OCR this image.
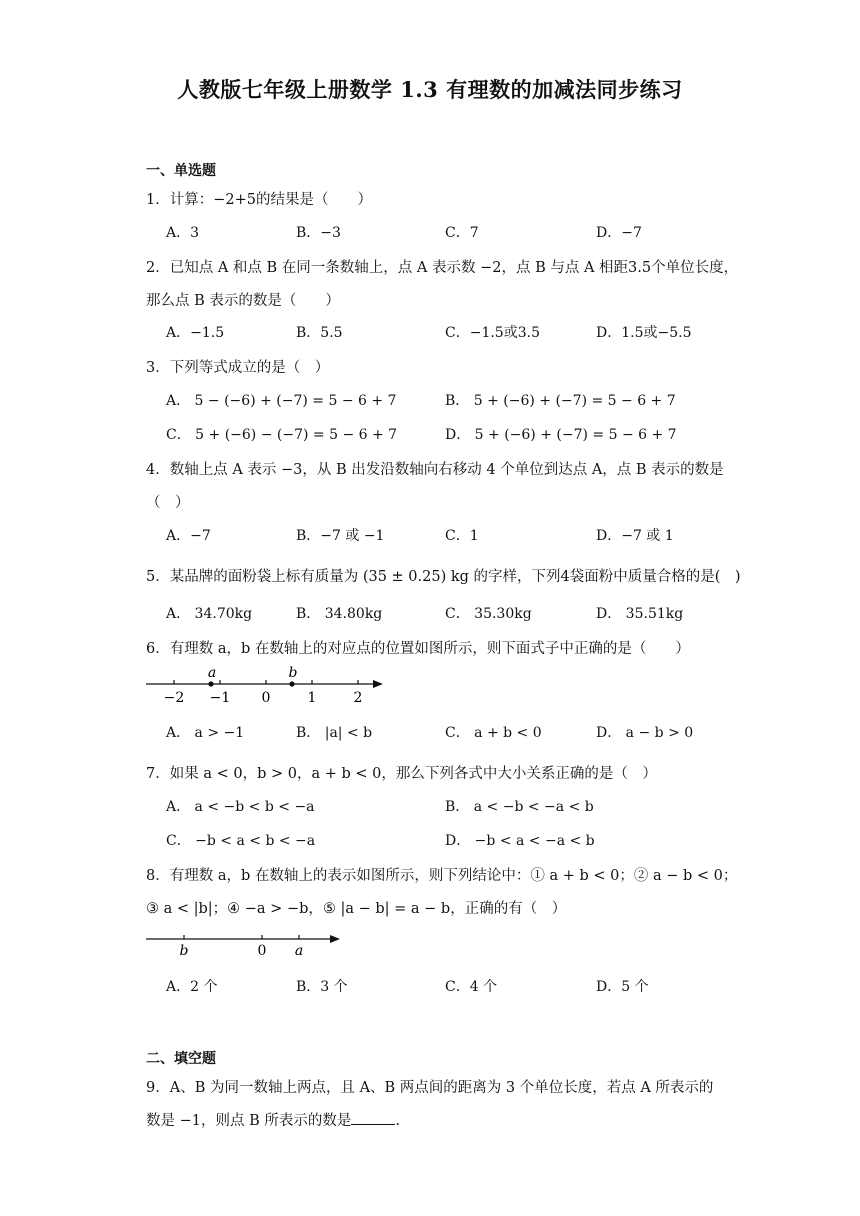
人教版七年级上册数学 1.3 有理数的加减法同步练习
一、单选题
1．计算：−2+5的结果是（　　）
A．3	B．−3	C．7	D．−7
2．已知点 A 和点 B 在同一条数轴上，点 A 表示数 −2，点 B 与点 A 相距3.5个单位长度，
那么点 B 表示的数是（　　）
A．−1.5	B．5.5	C．−1.5或3.5	D．1.5或−5.5
3．下列等式成立的是（　）
A． 5 − (−6) + (−7) = 5 − 6 + 7	B． 5 + (−6) + (−7) = 5 − 6 + 7
C． 5 + (−6) − (−7) = 5 − 6 + 7	D． 5 + (−6) + (−7) = 5 − 6 + 7
4．数轴上点 A 表示 −3，从 B 出发沿数轴向右移动 4 个单位到达点 A，点 B 表示的数是
（　）
A．−7	B．−7 或 −1	C．1	D．−7 或 1
5．某品牌的面粉袋上标有质量为 (35 ± 0.25) kg 的字样，下列4袋面粉中质量合格的是(　)
A． 34.70kg	B． 34.80kg	C． 35.30kg	D． 35.51kg
6．有理数 a，b 在数轴上的对应点的位置如图所示，则下面式子中正确的是（　　）
−2 −1 0	1	2
a	b
A． a > −1	B． |a| < b	C． a + b < 0	D． a − b > 0
7．如果 a < 0，b > 0，a + b < 0，那么下列各式中大小关系正确的是（　）
A． a < −b < b < −a	B． a < −b < −a < b
C． −b < a < b < −a	D． −b < a < −a < b
8．有理数 a，b 在数轴上的表示如图所示，则下列结论中：① a + b < 0；② a − b < 0；
③ a < |b|；④ −a > −b，⑤ |a − b| = a − b，正确的有（　）
b	0 a
A．2 个	B．3 个	C．4 个	D．5 个
二、填空题
9．A、B 为同一数轴上两点，且 A、B 两点间的距离为 3 个单位长度，若点 A 所表示的
数是 −1，则点 B 所表示的数是	.
